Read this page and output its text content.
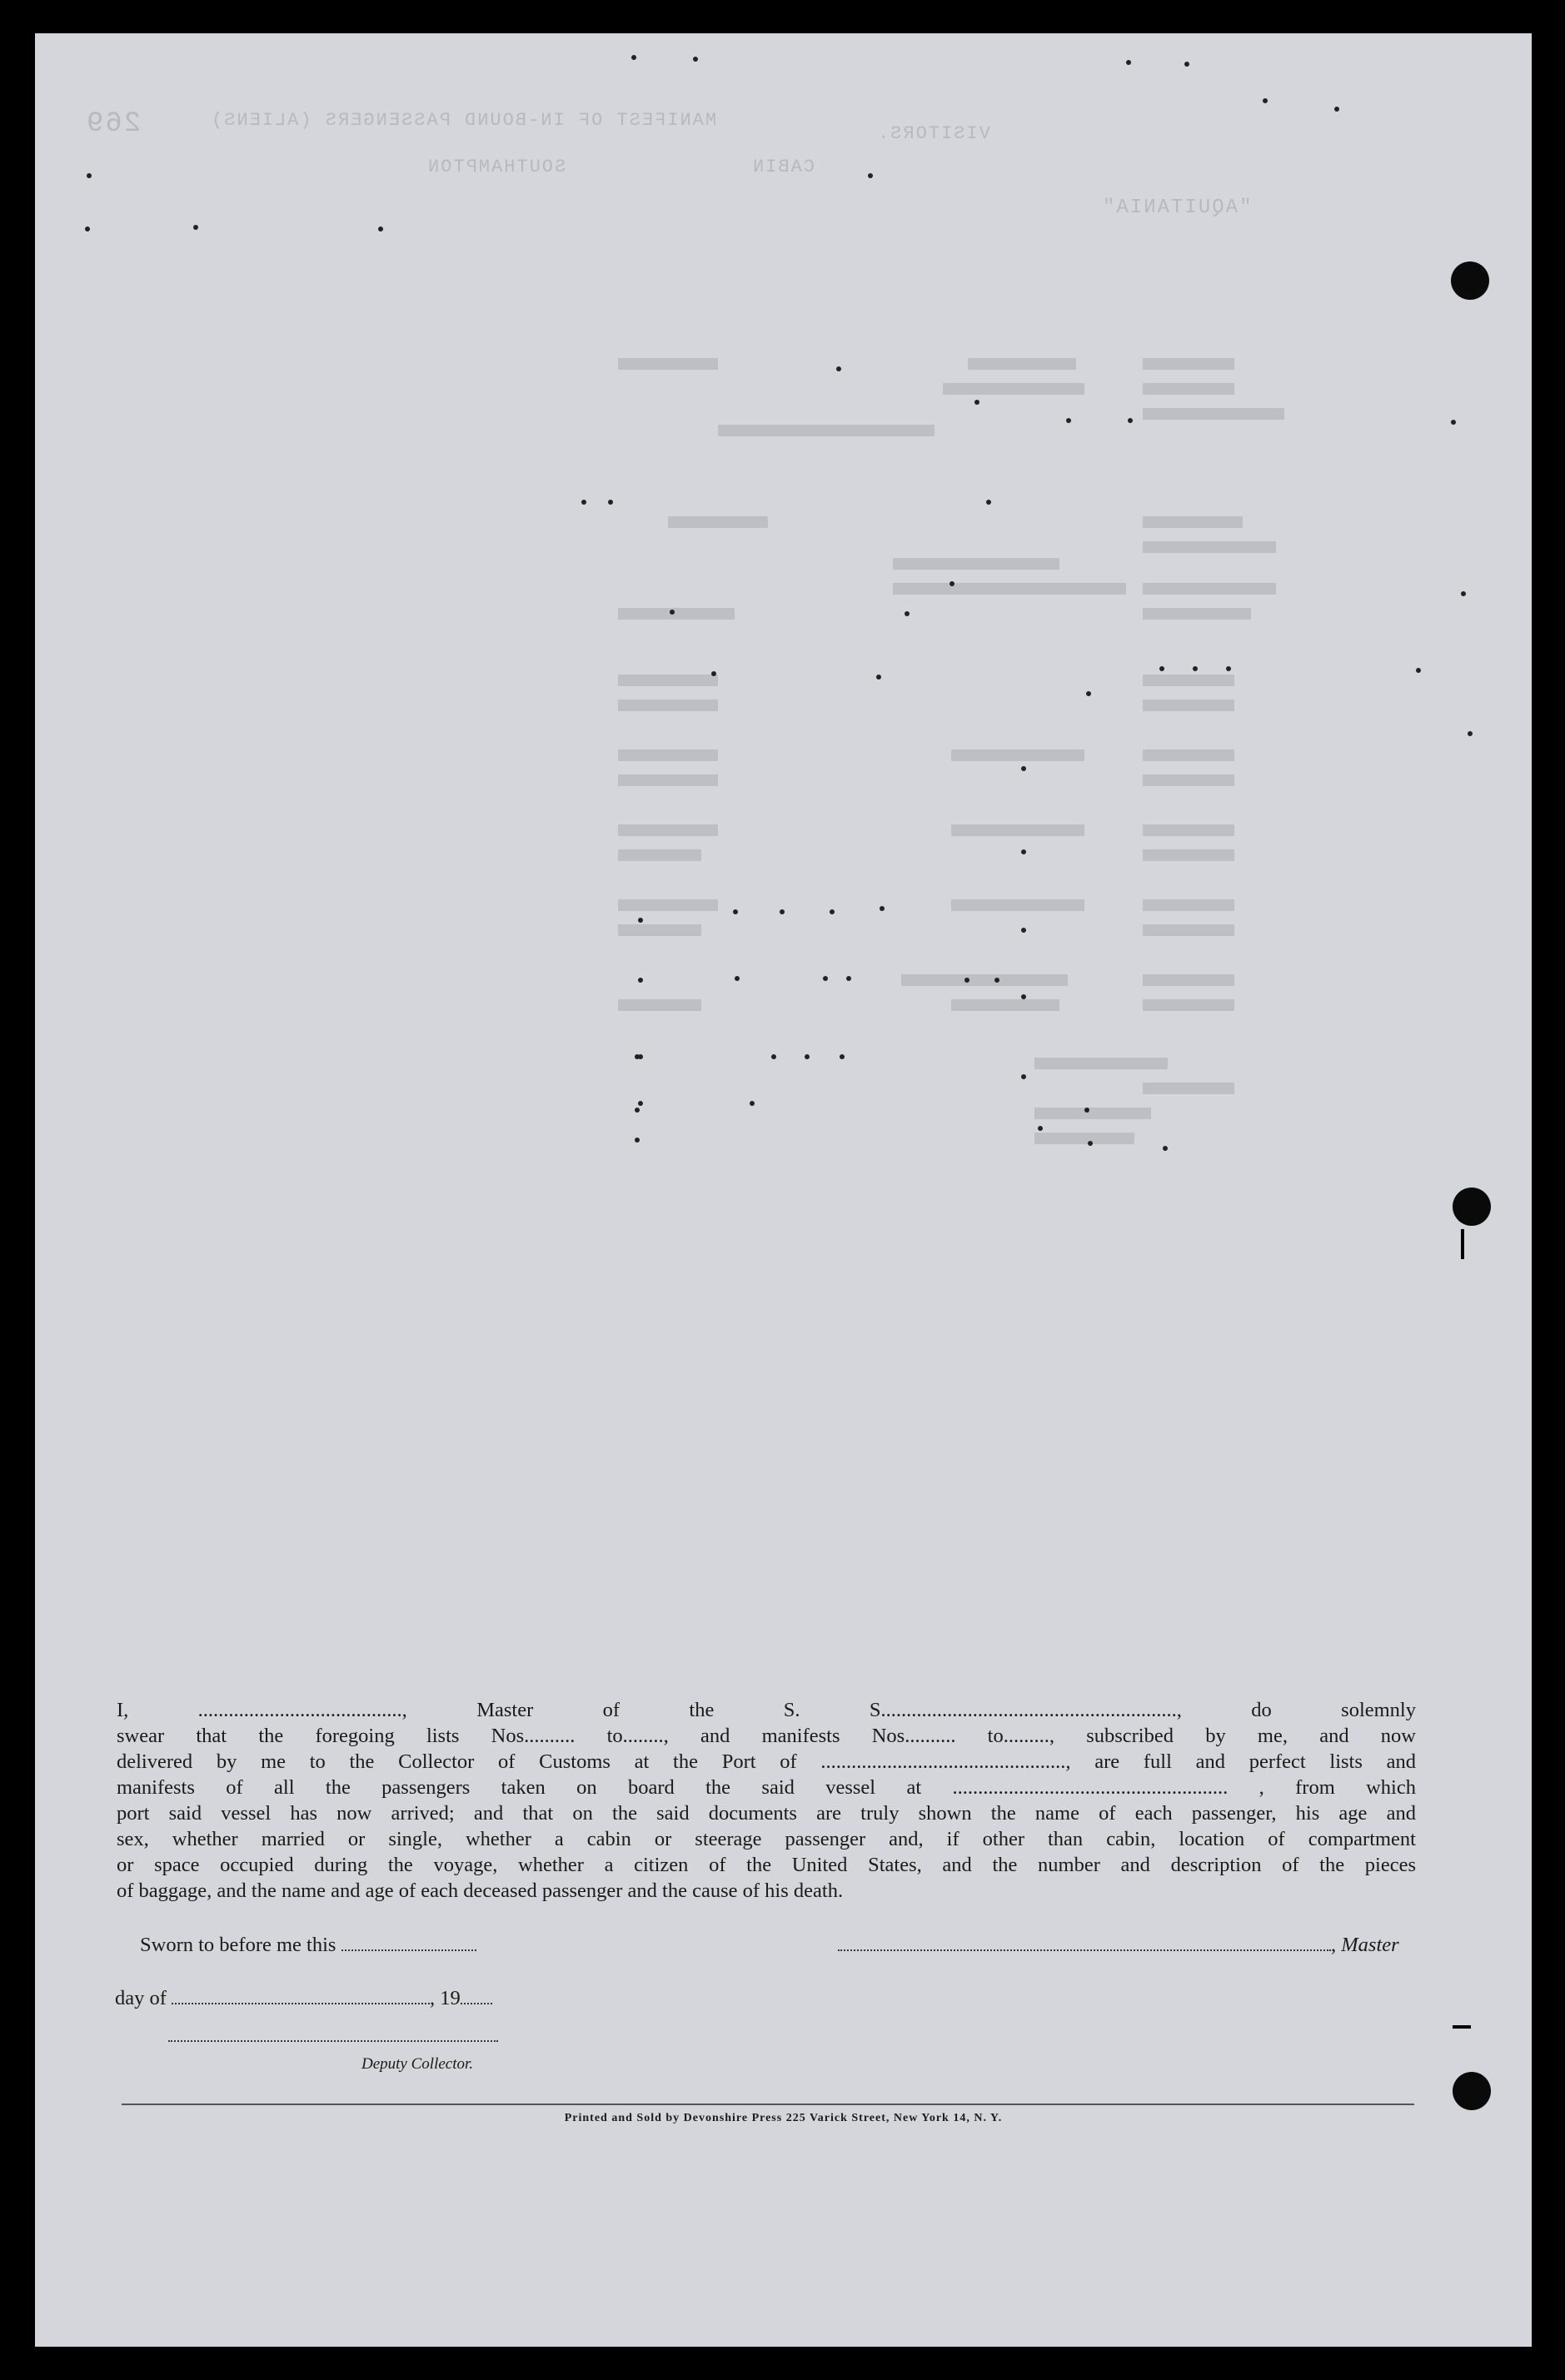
VISITORS.
MANIFEST OF IN-BOUND PASSENGERS (ALIENS)
269
CABIN
SOUTHAMPTON
"AQUITANIA"
I, ........................................, Master of the S. S.........................................................., do solemnly
swear that the foregoing lists Nos.......... to........, and manifests Nos.......... to........., subscribed by me, and now
delivered by me to the Collector of Customs at the Port of ................................................, are full and perfect lists and
manifests of all the passengers taken on board the said vessel at ...................................................... , from which
port said vessel has now arrived; and that on the said documents are truly shown the name of each passenger, his age and
sex, whether married or single, whether a cabin or steerage passenger and, if other than cabin, location of compartment
or space occupied during the voyage, whether a citizen of the United States, and the number and description of the pieces
of baggage, and the name and age of each deceased passenger and the cause of his death.
Sworn to before me this	, Master
day of	, 19
Deputy Collector.
Printed and Sold by Devonshire Press 225 Varick Street, New York 14, N. Y.
